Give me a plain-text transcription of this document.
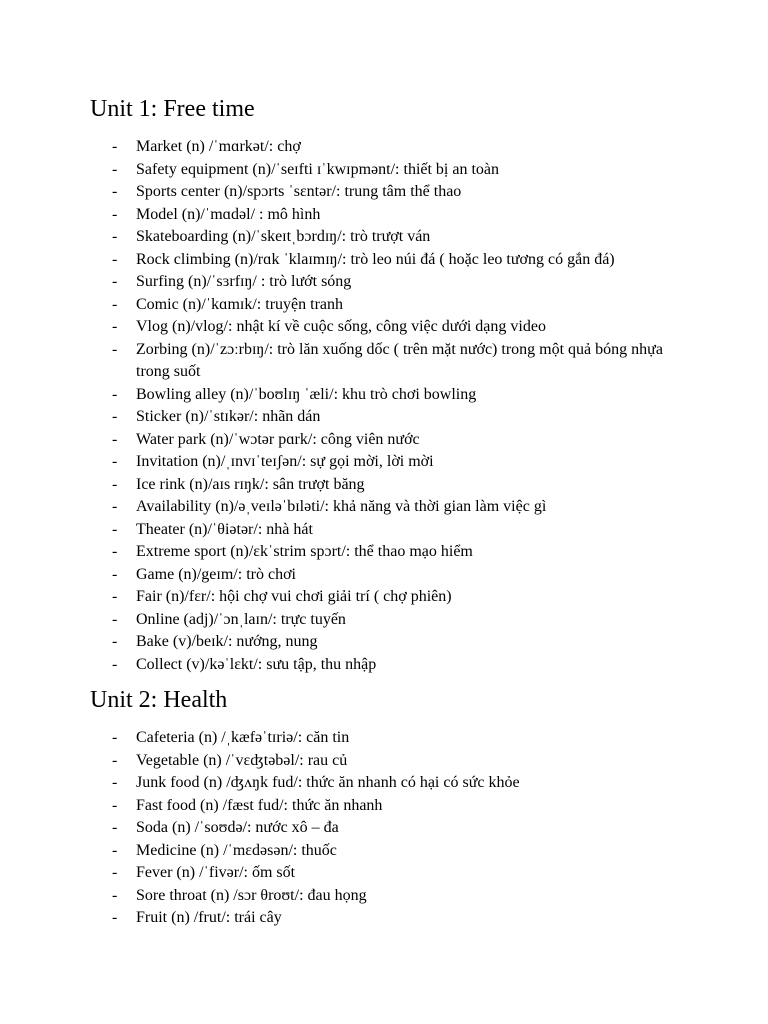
Unit 1: Free time
- Market (n) /ˈmɑrkət/: chợ
- Safety equipment (n)/ˈseɪfti ɪˈkwɪpmənt/: thiết bị an toàn
- Sports center (n)/spɔrts ˈsɛntər/: trung tâm thể thao
- Model (n)/ˈmɑdəl/ : mô hình
- Skateboarding (n)/ˈskeɪtˌbɔrdɪŋ/: trò trượt ván
- Rock climbing (n)/rɑk ˈklaɪmɪŋ/: trò leo núi đá ( hoặc leo tương có gắn đá)
- Surfing (n)/ˈsɜrfɪŋ/ : trò lướt sóng
- Comic (n)/ˈkɑmɪk/: truyện tranh
- Vlog (n)/vlog/: nhật kí về cuộc sống, công việc dưới dạng video
- Zorbing (n)/ˈzɔːrbɪŋ/: trò lăn xuống dốc ( trên mặt nước) trong một quả bóng nhựa trong suốt
- Bowling alley (n)/ˈboʊlɪŋ ˈæli/: khu trò chơi bowling
- Sticker (n)/ˈstɪkər/: nhãn dán
- Water park (n)/ˈwɔtər pɑrk/: công viên nước
- Invitation (n)/ˌɪnvɪˈteɪʃən/: sự gọi mời, lời mời
- Ice rink (n)/aɪs rɪŋk/: sân trượt băng
- Availability (n)/əˌveɪləˈbɪləti/: khả năng và thời gian làm việc gì
- Theater (n)/ˈθiətər/: nhà hát
- Extreme sport (n)/ɛkˈstrim spɔrt/: thể thao mạo hiểm
- Game (n)/geɪm/: trò chơi
- Fair (n)/fɛr/: hội chợ vui chơi giải trí ( chợ phiên)
- Online (adj)/ˈɔnˌlaɪn/: trực tuyến
- Bake (v)/beɪk/: nướng, nung
- Collect (v)/kəˈlɛkt/: sưu tập, thu nhập
Unit 2: Health
- Cafeteria (n) /ˌkæfəˈtɪriə/: căn tin
- Vegetable (n) /ˈvɛʤtəbəl/: rau củ
- Junk food (n) /ʤʌŋk fud/: thức ăn nhanh có hại có sức khỏe
- Fast food (n) /fæst fud/: thức ăn nhanh
- Soda (n) /ˈsoʊdə/: nước xô – đa
- Medicine (n) /ˈmɛdəsən/: thuốc
- Fever (n) /ˈfivər/: ốm sốt
- Sore throat (n) /sɔr θroʊt/: đau họng
- Fruit (n) /frut/: trái cây
